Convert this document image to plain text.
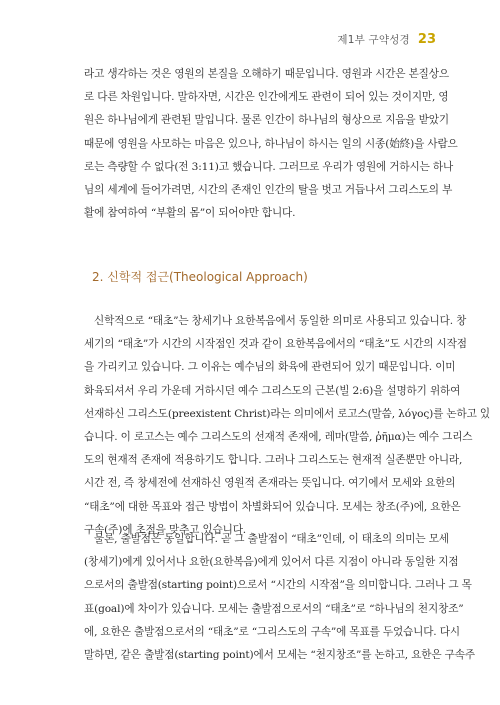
제1부 구약성경 23
라고 생각하는 것은 영원의 본질을 오해하기 때문입니다. 영원과 시간은 본질상으
로 다른 차원입니다. 말하자면, 시간은 인간에게도 관련이 되어 있는 것이지만, 영
원은 하나님에게 관련된 말입니다. 물론 인간이 하나님의 형상으로 지음을 받았기
때문에 영원을 사모하는 마음은 있으나, 하나님이 하시는 일의 시종(始終)을 사람으
로는 측량할 수 없다(전 3:11)고 했습니다. 그러므로 우리가 영원에 거하시는 하나
님의 세계에 들어가려면, 시간의 존재인 인간의 탈을 벗고 거듭나서 그리스도의 부
활에 참여하여 “부활의 몸”이 되어야만 합니다.
2. 신학적 접근(Theological Approach)
신학적으로 “태초”는 창세기나 요한복음에서 동일한 의미로 사용되고 있습니다. 창
세기의 “태초”가 시간의 시작점인 것과 같이 요한복음에서의 “태초”도 시간의 시작점
을 가리키고 있습니다. 그 이유는 예수님의 화육에 관련되어 있기 때문입니다. 이미
화육되셔서 우리 가운데 거하시던 예수 그리스도의 근본(빌 2:6)을 설명하기 위하여
선재하신 그리스도(preexistent Christ)라는 의미에서 로고스(말씀, λόγος)를 논하고 있
습니다. 이 로고스는 예수 그리스도의 선재적 존재에, 레마(말씀, ῥῆμα)는 예수 그리스
도의 현재적 존재에 적용하기도 합니다. 그러나 그리스도는 현재적 실존뿐만 아니라,
시간 전, 즉 창세전에 선재하신 영원적 존재라는 뜻입니다. 여기에서 모세와 요한의
“태초”에 대한 목표와 접근 방법이 차별화되어 있습니다. 모세는 창조(주)에, 요한은
구속(주)에 초점을 맞추고 있습니다.
물론, 출발점은 동일합니다. 곧 그 출발점이 “태초”인데, 이 태초의 의미는 모세
(창세기)에게 있어서나 요한(요한복음)에게 있어서 다른 지점이 아니라 동일한 지점
으로서의 출발점(starting point)으로서 “시간의 시작점”을 의미합니다. 그러나 그 목
표(goal)에 차이가 있습니다. 모세는 출발점으로서의 “태초”로 “하나님의 천지창조”
에, 요한은 출발점으로서의 “태초”로 “그리스도의 구속”에 목표를 두었습니다. 다시
말하면, 같은 출발점(starting point)에서 모세는 “천지창조”를 논하고, 요한은 구속주
